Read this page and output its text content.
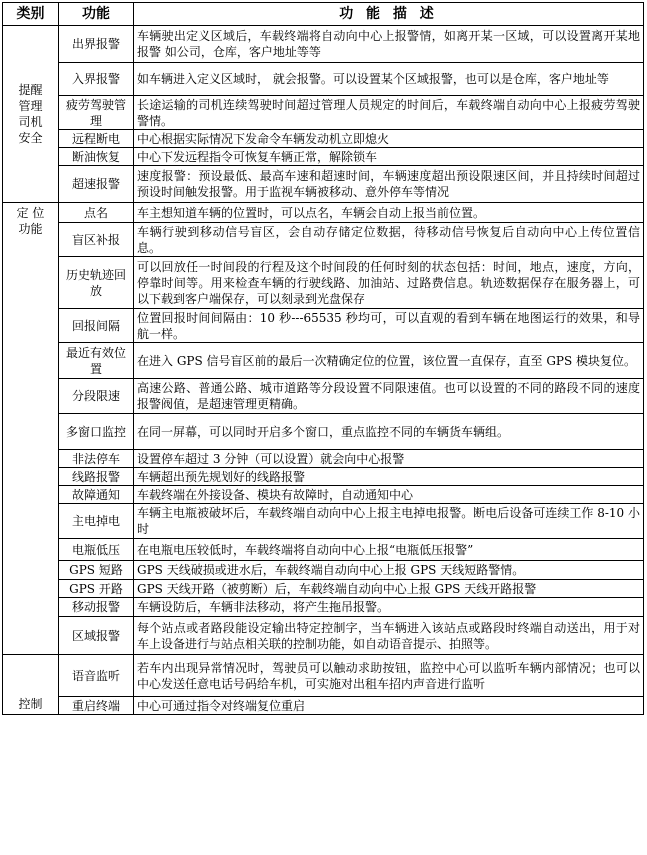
类别	功能	功 能 描 述

提醒
管理
司机
安全	出界报警	车辆驶出定义区域后，车载终端将自动向中心上报警情，如离开某一区域，可以设置离开某地报警 如公司，仓库，客户地址等等
	入界报警	如车辆进入定义区域时， 就会报警。可以设置某个区域报警，也可以是仓库，客户地址等
	疲劳驾驶管理	长途运输的司机连续驾驶时间超过管理人员规定的时间后，车载终端自动向中心上报疲劳驾驶警情。
	远程断电	中心根据实际情况下发命令车辆发动机立即熄火
	断油恢复	中心下发远程指令可恢复车辆正常，解除锁车
	超速报警	速度报警：预设最低、最高车速和超速时间，车辆速度超出预设限速区间，并且持续时间超过预设时间触发报警。用于监视车辆被移动、意外停车等情况

定 位
功能	点名	车主想知道车辆的位置时，可以点名，车辆会自动上报当前位置。
	盲区补报	车辆行驶到移动信号盲区，会自动存储定位数据，待移动信号恢复后自动向中心上传位置信息。
	历史轨迹回放	可以回放任一时间段的行程及这个时间段的任何时刻的状态包括：时间，地点，速度，方向，停靠时间等。用来检查车辆的行驶线路、加油站、过路费信息。轨迹数据保存在服务器上，可以下载到客户端保存，可以刻录到光盘保存
	回报间隔	位置回报时间间隔由：10 秒---65535 秒均可，可以直观的看到车辆在地图运行的效果，和导航一样。
	最近有效位置	在进入 GPS 信号盲区前的最后一次精确定位的位置，该位置一直保存，直至 GPS 模块复位。
	分段限速	高速公路、普通公路、城市道路等分段设置不同限速值。也可以设置的不同的路段不同的速度报警阀值，是超速管理更精确。
	多窗口监控	在同一屏幕，可以同时开启多个窗口，重点监控不同的车辆货车辆组。
	非法停车	设置停车超过 3 分钟（可以设置）就会向中心报警
	线路报警	车辆超出预先规划好的线路报警
	故障通知	车载终端在外接设备、模块有故障时，自动通知中心
	主电掉电	车辆主电瓶被破坏后，车载终端自动向中心上报主电掉电报警。断电后设备可连续工作 8-10 小时
	电瓶低压	在电瓶电压较低时，车载终端将自动向中心上报“电瓶低压报警”
	GPS 短路	GPS 天线破损或进水后，车载终端自动向中心上报 GPS 天线短路警情。
	GPS 开路	GPS 天线开路（被剪断）后，车载终端自动向中心上报 GPS 天线开路报警
	移动报警	车辆设防后，车辆非法移动，将产生拖吊报警。
	区域报警	每个站点或者路段能设定输出特定控制字，当车辆进入该站点或路段时终端自动送出，用于对车上设备进行与站点相关联的控制功能，如自动语音提示、拍照等。

控制	语音监听	若车内出现异常情况时，驾驶员可以触动求助按钮，监控中心可以监听车辆内部情况；也可以中心发送任意电话号码给车机，可实施对出租车招内声音进行监听
	重启终端	中心可通过指令对终端复位重启
